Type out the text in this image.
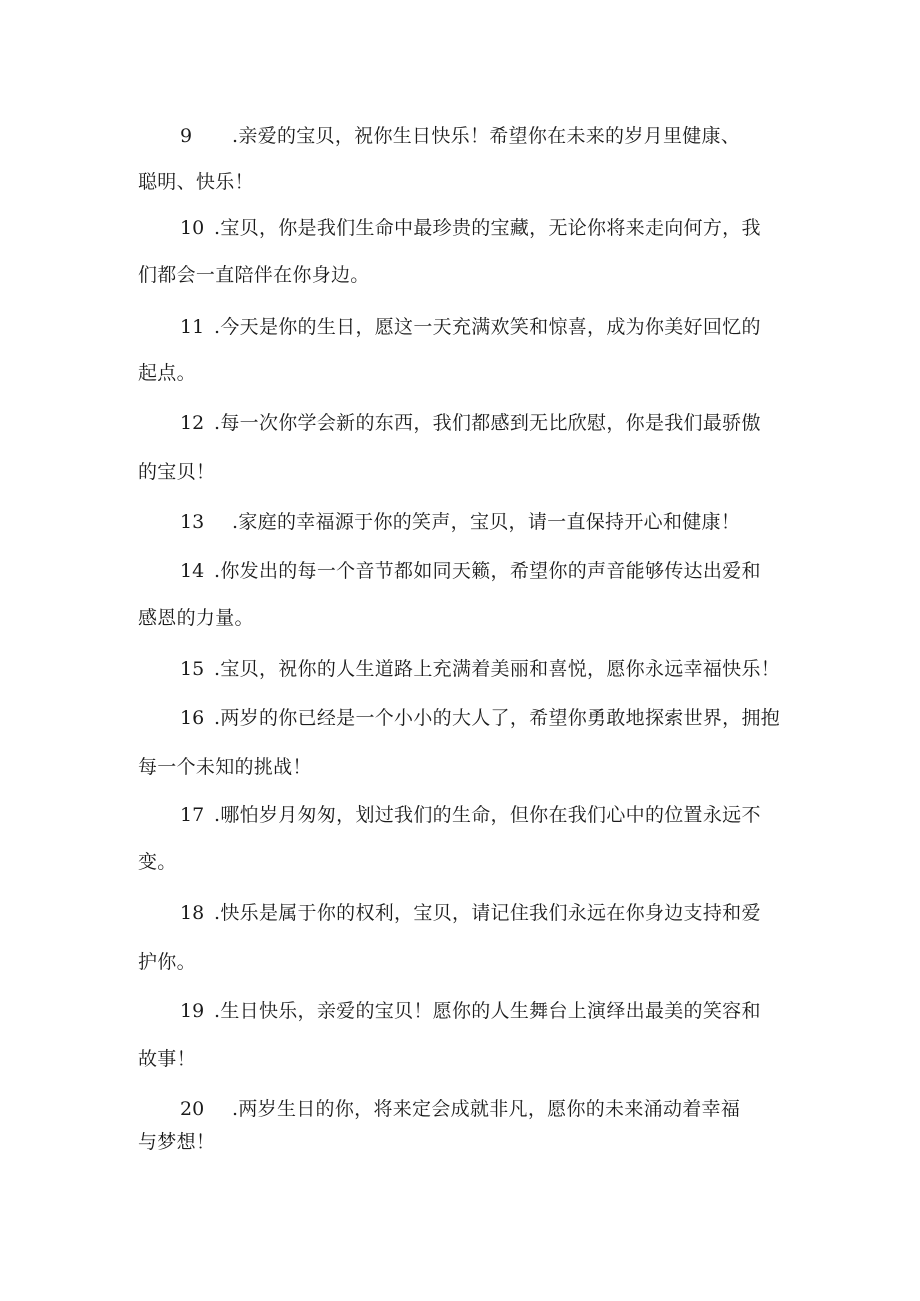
9 .亲爱的宝贝，祝你生日快乐！希望你在未来的岁月里健康、
聪明、快乐！
10 .宝贝，你是我们生命中最珍贵的宝藏，无论你将来走向何方，我
们都会一直陪伴在你身边。
11 .今天是你的生日，愿这一天充满欢笑和惊喜，成为你美好回忆的
起点。
12 .每一次你学会新的东西，我们都感到无比欣慰，你是我们最骄傲
的宝贝！
13 .家庭的幸福源于你的笑声，宝贝，请一直保持开心和健康！
14 .你发出的每一个音节都如同天籁，希望你的声音能够传达出爱和
感恩的力量。
15 .宝贝，祝你的人生道路上充满着美丽和喜悦，愿你永远幸福快乐！
16 .两岁的你已经是一个小小的大人了，希望你勇敢地探索世界，拥抱
每一个未知的挑战！
17 .哪怕岁月匆匆，划过我们的生命，但你在我们心中的位置永远不
变。
18 .快乐是属于你的权利，宝贝，请记住我们永远在你身边支持和爱
护你。
19 .生日快乐，亲爱的宝贝！愿你的人生舞台上演绎出最美的笑容和
故事！
20 .两岁生日的你，将来定会成就非凡，愿你的未来涌动着幸福
与梦想！
